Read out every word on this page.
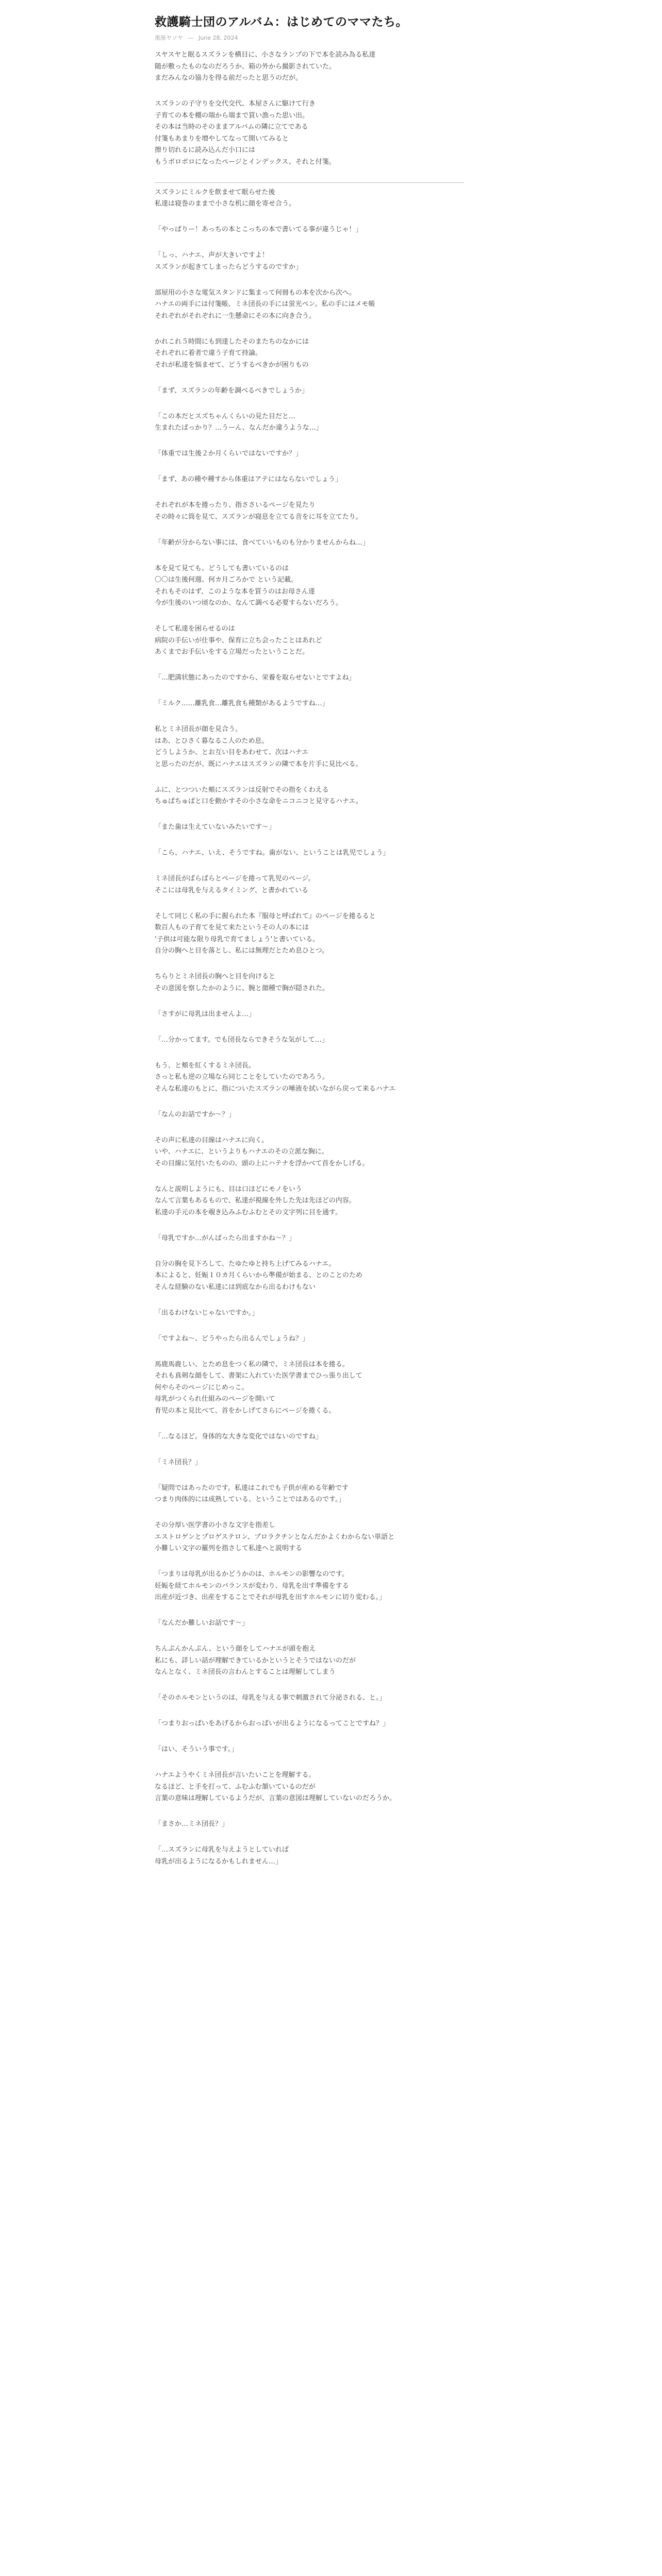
救護騎士団のアルバム：はじめてのママたち。
黒原ヤソヤ — June 28, 2024

スヤスヤと眠るスズランを横目に、小さなランプの下で本を読み為る私達
随が敷ったものなのだろうか、箱の外から撮影されていた。
まだみんなの協力を得る前だったと思うのだが。

スズランの子守りを交代交代、本屋さんに駆けて行き
子育ての本を棚の端から端まで買い漁った思い出。
その本は当時のそのままアルバムの隣に立てである
付箋もあまりを増やしてなって開いてみると
擦り切れるに読み込んだ小口には
もうボロボロになったページとインデックス、それと付箋。

スズランにミルクを飲ませて眠らせた後
私達は寝巻のままで小さな机に顔を寄せ合う。

「やっぱりー！あっちの本とこっちの本で書いてる事が違うじゃ！」

「しっ、ハナエ、声が大きいですよ！
スズランが起きてしまったらどうするのですか」

部屋用の小さな電気スタンドに集まって何冊もの本を次から次へ。
ハナエの両手には付箋帳、ミネ団長の手には蛍光ペン。私の手にはメモ帳
それぞれがそれぞれに一生懸命にその本に向き合う。

かれこれ５時間にも到達したそのまたちのなかには
それぞれに着者で違う子育て持論。
それが私達を悩ませて、どうするべきかが困りもの

「まず、スズランの年齢を調べるべきでしょうか」

「この本だとスズちゃんくらいの見た目だと…
生まれたばっかり？…うーん、なんだか違うような…」

「体重では生後２か月くらいではないですか？」

「まず、あの種や種すから体重はアテにはならないでしょう」

それぞれが本を捲ったり、指ささいるページを見たり
その時々に筒を見て、スズランが寝息を立てる音をに耳を立てたり。

「年齢が分からない事には、食べていいものも分かりませんからね…」

本を見て見ても、どうしても書いているのは
〇〇は生後何週、何カ月ごろかで という記載。
それもそのはず、このような本を買うのはお母さん達
今が生後のいつ頃なのか、なんて調べる必要すらないだろう。

そして私達を困らせるのは
病院の手伝いが仕事や、保育に立ち会ったことはあれど
あくまでお手伝いをする立場だったということだ。

「…肥満状態にあったのですから、栄養を取らせないとですよね」

「ミルク……離乳食…離乳食も種類があるようですね…」

私とミネ団長が顔を見合う。
はあ、とひさく暮なるこ人のため息。
どうしようか、とお互い目をあわせて、次はハナエ
と思ったのだが、既にハナエはスズランの隣で本を片手に見比べる。

ふに、とつついた頬にスズランは反射でその指をくわえる
ちゅぱちゅぱと口を動かすその小さな命をニコニコと見守るハナエ。

「また歯は生えていないみたいです～」

「こら、ハナエ、いえ、そうですね。歯がない、ということは乳児でしょう」

ミネ団長がぱらぱらとページを捲って乳児のページ。
そこには母乳を与えるタイミング、と書かれている

そして同じく私の手に握られた本『服母と呼ばれて』のページを捲るると
数百人もの子育てを見て来たというその人の本には
'子供は可能な限り母乳で育てましょう'と書いている。
自分の胸へと目を落とし、私には無理だとため息ひとつ。

ちらりとミネ団長の胸へと目を向けると
その意図を察したかのように、腕と顔種で胸が隠された。

「さすがに母乳は出ませんよ…」

「…分かってます。でも団長ならできそうな気がして…」

もう、と頬を紅くするミネ団長。
さっと私も逆の立場なら同じことをしていたのであろう。
そんな私達のもとに、指についたスズランの唾液を拭いながら戻って来るハナエ

「なんのお話ですか～？」

その声に私達の目線はハナエに向く。
いや、ハナエに、というよりもハナエのその立派な胸に。
その目線に気付いたものの、頭の上にハテナを浮かべて首をかしげる。

なんと説明しようにも、目は口ほどにモノをいう
なんて言葉もあるもので、私達が視線を外した先は先ほどの内容。
私達の手元の本を覗き込みふむふむとその文字列に目を通す。

「母乳ですか…がんばったら出ますかね～？」

自分の胸を見下ろして、たゆたゆと持ち上げてみるハナエ。
本によると、妊娠１０カ月くらいから準備が始まる、とのことのため
そんな経験のない私達には到底なから出るわけもない

「出るわけないじゃないですか。」

「ですよね～、どうやったら出るんでしょうね？」

馬鹿馬鹿しい、とため息をつく私の隣で、ミネ団長は本を捲る。
それも真剣な顔をして、書架に入れていた医学書までひっ張り出して
何やらそのページにじめっこ。
母乳がつくられ仕組みのページを開いて
育児の本と見比べて、首をかしげてさらにページを捲くる。

「…なるほど。身体的な大きな変化ではないのですね」

「ミネ団長？」

「疑問ではあったのです。私達はこれでも子供が産める年齢です
つまり肉体的には成熟している、ということではあるのです。」

その分厚い医学書の小さな文字を指差し
エストロゲンとプロゲステロン、プロラクチンとなんだかよくわからない単語と
小難しい文字の羅列を指さして私達へと説明する

「つまりは母乳が出るかどうかのは、ホルモンの影響なのです。
妊娠を経てホルモンのバランスが変わり、母乳を出す準備をする
出産が近づき、出産をすることでそれが母乳を出すホルモンに切り変わる。」

「なんだか難しいお話です～」

ちんぷんかんぷん、という顔をしてハナエが頭を抱え
私にも、詳しい話が理解できているかというとそうではないのだが
なんとなく、ミネ団長の言わんとすることは理解してしまう

「そのホルモンというのは、母乳を与える事で刺激されて分泌される、と。」

「つまりおっぱいをあげるからおっぱいが出るようになるってことですね？」

「はい、そういう事です。」

ハナエようやくミネ団長が言いたいことを理解する。
なるほど、と手を打って、ふむふむ頷いているのだが
言葉の意味は理解しているようだが、言葉の意図は理解していないのだろうか。

「まさか…ミネ団長？」

「…スズランに母乳を与えようとしていれば
母乳が出るようになるかもしれません…」
